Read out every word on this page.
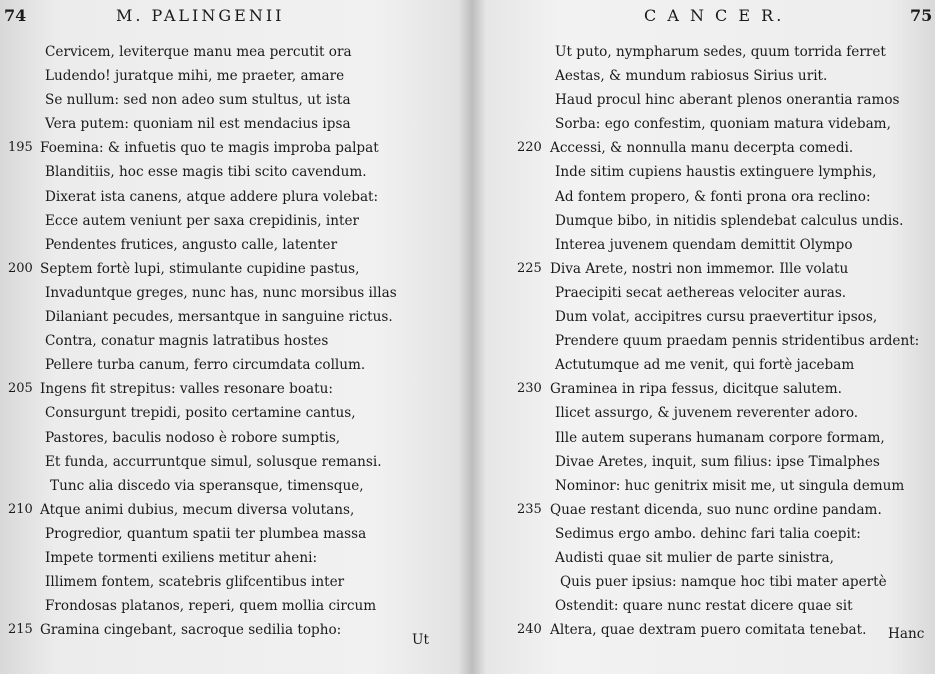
74	M. PALINGENII
Cervicem, leviterque manu mea percutit ora
Ludendo! juratque mihi, me praeter, amare
Se nullum: sed non adeo sum stultus, ut ista
Vera putem: quoniam nil est mendacius ipsa
195 Foemina: & infuetis quo te magis improba palpat
Blanditiis, hoc esse magis tibi scito cavendum.
Dixerat ista canens, atque addere plura volebat:
Ecce autem veniunt per saxa crepidinis, inter
Pendentes frutices, angusto calle, latenter
200 Septem fortè lupi, stimulante cupidine pastus,
Invaduntque greges, nunc has, nunc morsibus illas
Dilaniant pecudes, mersantque in sanguine rictus.
Contra, conatur magnis latratibus hostes
Pellere turba canum, ferro circumdata collum.
205 Ingens fit strepitus: valles resonare boatu:
Consurgunt trepidi, posito certamine cantus,
Pastores, baculis nodoso è robore sumptis,
Et funda, accurruntque simul, solusque remansi.
Tunc alia discedo via speransque, timensque,
210 Atque animi dubius, mecum diversa volutans,
Progredior, quantum spatii ter plumbea massa
Impete tormenti exiliens metitur aheni:
Illimem fontem, scatebris glifcentibus inter
Frondosas platanos, reperi, quem mollia circum
215 Gramina cingebant, sacroque sedilia topho:
Ut
C A N C E R.	75
Ut puto, nympharum sedes, quum torrida ferret
Aestas, & mundum rabiosus Sirius urit.
Haud procul hinc aberant plenos onerantia ramos
Sorba: ego confestim, quoniam matura videbam,
220 Accessi, & nonnulla manu decerpta comedi.
Inde sitim cupiens haustis extinguere lymphis,
Ad fontem propero, & fonti prona ora reclino:
Dumque bibo, in nitidis splendebat calculus undis.
Interea juvenem quendam demittit Olympo
225 Diva Arete, nostri non immemor. Ille volatu
Praecipiti secat aethereas velociter auras.
Dum volat, accipitres cursu praevertitur ipsos,
Prendere quum praedam pennis stridentibus ardent:
Actutumque ad me venit, qui fortè jacebam
230 Graminea in ripa fessus, dicitque salutem.
Ilicet assurgo, & juvenem reverenter adoro.
Ille autem superans humanam corpore formam,
Divae Aretes, inquit, sum filius: ipse Timalphes
Nominor: huc genitrix misit me, ut singula demum
235 Quae restant dicenda, suo nunc ordine pandam.
Sedimus ergo ambo. dehinc fari talia coepit:
Audisti quae sit mulier de parte sinistra,
Quis puer ipsius: namque hoc tibi mater apertè
Ostendit: quare nunc restat dicere quae sit
240 Altera, quae dextram puero comitata tenebat. Hanc
